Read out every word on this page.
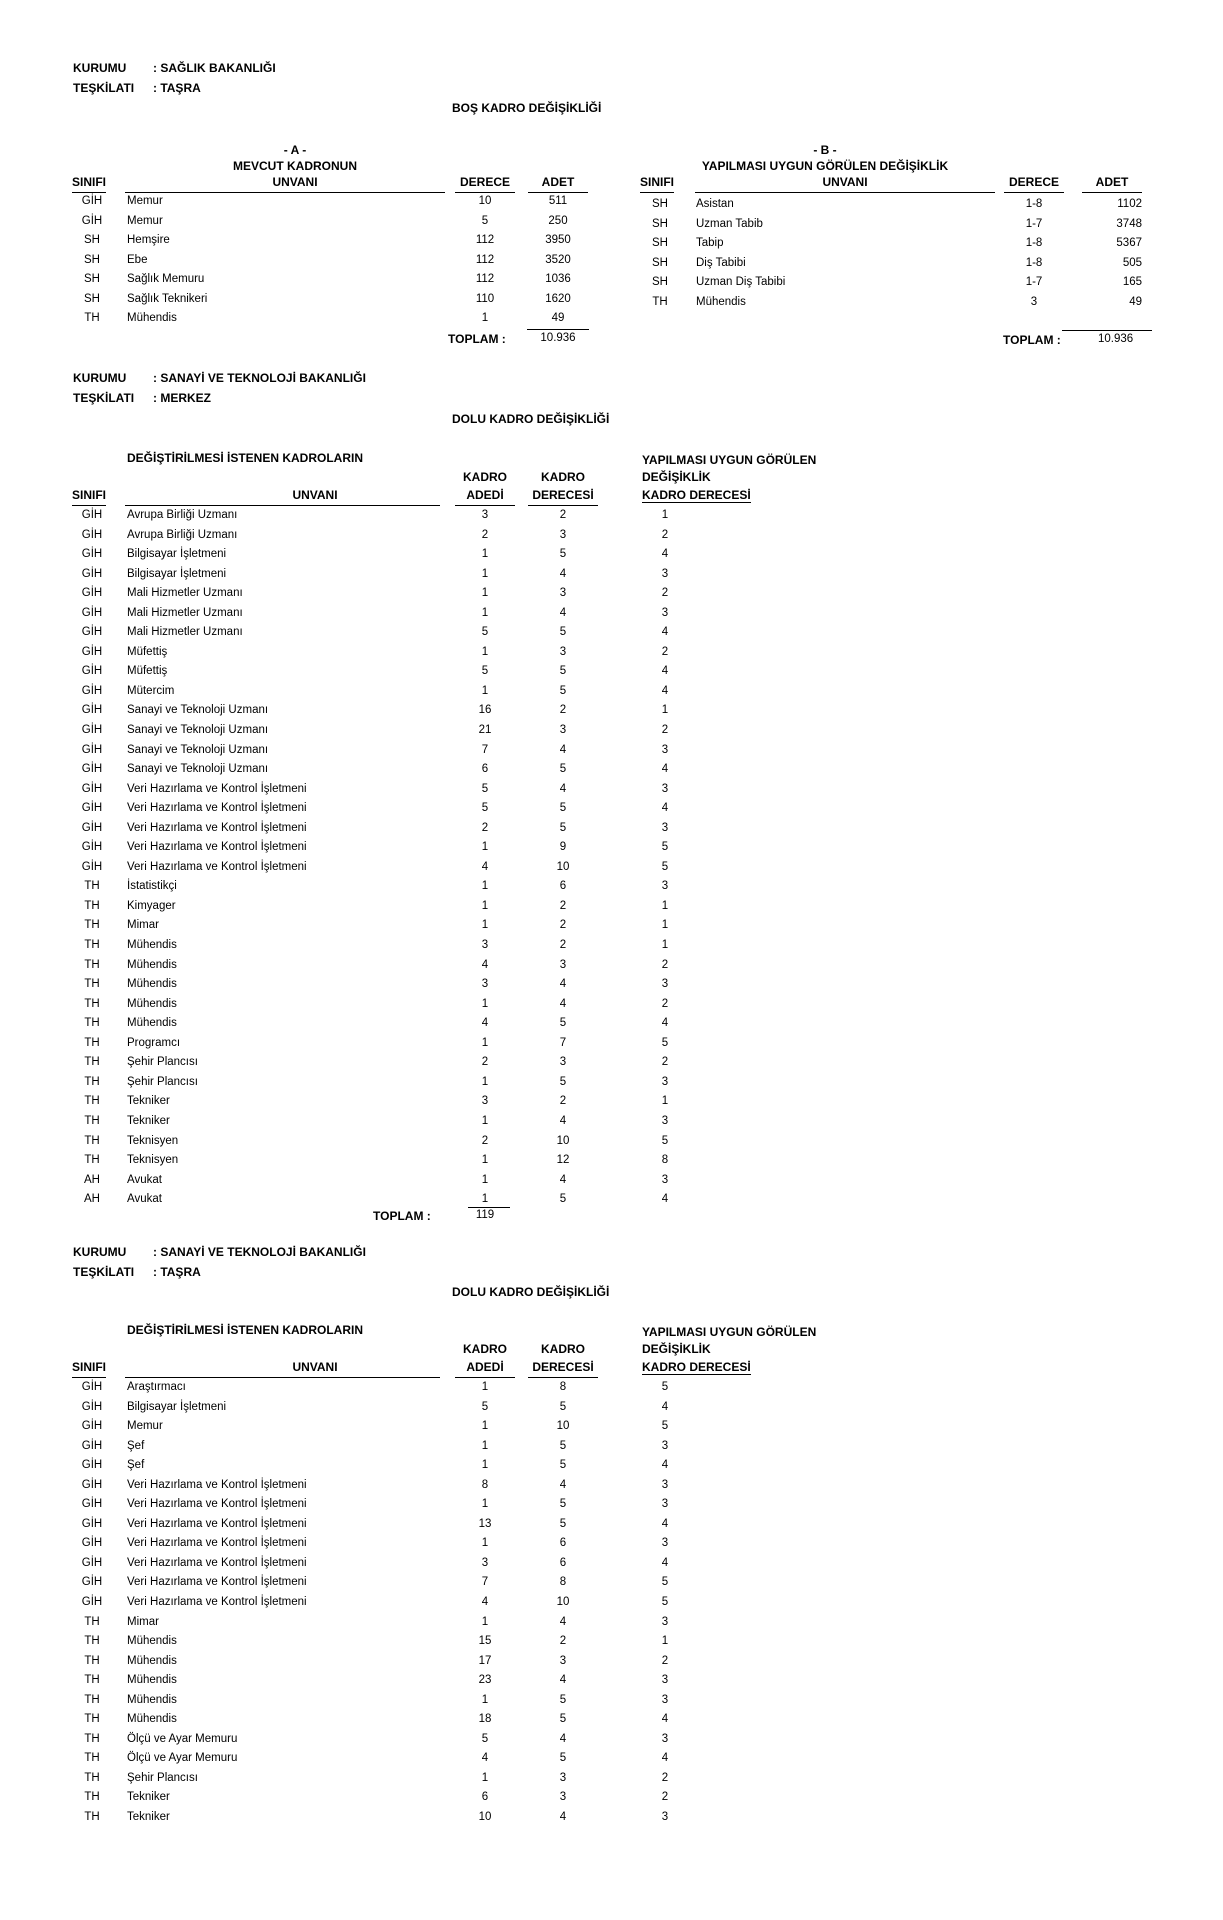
KURUMU : SAĞLIK BAKANLIĞI
TEŞKİLATI : TAŞRA
BOŞ KADRO DEĞİŞİKLİĞİ
- A -
MEVCUT KADRONUN
SINIFI	UNVANI	DERECE	ADET
GİH	Memur	10	511
GİH	Memur	5	250
SH	Hemşire	112	3950
SH	Ebe	112	3520
SH	Sağlık Memuru	112	1036
SH	Sağlık Teknikeri	110	1620
TH	Mühendis	1	49
TOPLAM :	10.936
- B -
YAPILMASI UYGUN GÖRÜLEN DEĞİŞİKLİK
SINIFI	UNVANI	DERECE	ADET
SH	Asistan	1-8	1102
SH	Uzman Tabib	1-7	3748
SH	Tabip	1-8	5367
SH	Diş Tabibi	1-8	505
SH	Uzman Diş Tabibi	1-7	165
TH	Mühendis	3	49
TOPLAM :	10.936
KURUMU : SANAYİ VE TEKNOLOJİ BAKANLIĞI
TEŞKİLATI : MERKEZ
DOLU KADRO DEĞİŞİKLİĞİ
DEĞİŞTİRİLMESİ İSTENEN KADROLARIN	YAPILMASI UYGUN GÖRÜLEN
DEĞİŞİKLİK
KADRO	KADRO
SINIFI	UNVANI	ADEDİ	DERECESİ	KADRO DERECESİ
GİH	Avrupa Birliği Uzmanı	3	2	1
GİH	Avrupa Birliği Uzmanı	2	3	2
GİH	Bilgisayar İşletmeni	1	5	4
GİH	Bilgisayar İşletmeni	1	4	3
GİH	Mali Hizmetler Uzmanı	1	3	2
GİH	Mali Hizmetler Uzmanı	1	4	3
GİH	Mali Hizmetler Uzmanı	5	5	4
GİH	Müfettiş	1	3	2
GİH	Müfettiş	5	5	4
GİH	Mütercim	1	5	4
GİH	Sanayi ve Teknoloji Uzmanı	16	2	1
GİH	Sanayi ve Teknoloji Uzmanı	21	3	2
GİH	Sanayi ve Teknoloji Uzmanı	7	4	3
GİH	Sanayi ve Teknoloji Uzmanı	6	5	4
GİH	Veri Hazırlama ve Kontrol İşletmeni	5	4	3
GİH	Veri Hazırlama ve Kontrol İşletmeni	5	5	4
GİH	Veri Hazırlama ve Kontrol İşletmeni	2	5	3
GİH	Veri Hazırlama ve Kontrol İşletmeni	1	9	5
GİH	Veri Hazırlama ve Kontrol İşletmeni	4	10	5
TH	İstatistikçi	1	6	3
TH	Kimyager	1	2	1
TH	Mimar	1	2	1
TH	Mühendis	3	2	1
TH	Mühendis	4	3	2
TH	Mühendis	3	4	3
TH	Mühendis	1	4	2
TH	Mühendis	4	5	4
TH	Programcı	1	7	5
TH	Şehir Plancısı	2	3	2
TH	Şehir Plancısı	1	5	3
TH	Tekniker	3	2	1
TH	Tekniker	1	4	3
TH	Teknisyen	2	10	5
TH	Teknisyen	1	12	8
AH	Avukat	1	4	3
AH	Avukat	1	5	4
TOPLAM :	119
KURUMU : SANAYİ VE TEKNOLOJİ BAKANLIĞI
TEŞKİLATI : TAŞRA
DOLU KADRO DEĞİŞİKLİĞİ
DEĞİŞTİRİLMESİ İSTENEN KADROLARIN	YAPILMASI UYGUN GÖRÜLEN
DEĞİŞİKLİK
KADRO	KADRO
SINIFI	UNVANI	ADEDİ	DERECESİ	KADRO DERECESİ
GİH	Araştırmacı	1	8	5
GİH	Bilgisayar İşletmeni	5	5	4
GİH	Memur	1	10	5
GİH	Şef	1	5	3
GİH	Şef	1	5	4
GİH	Veri Hazırlama ve Kontrol İşletmeni	8	4	3
GİH	Veri Hazırlama ve Kontrol İşletmeni	1	5	3
GİH	Veri Hazırlama ve Kontrol İşletmeni	13	5	4
GİH	Veri Hazırlama ve Kontrol İşletmeni	1	6	3
GİH	Veri Hazırlama ve Kontrol İşletmeni	3	6	4
GİH	Veri Hazırlama ve Kontrol İşletmeni	7	8	5
GİH	Veri Hazırlama ve Kontrol İşletmeni	4	10	5
TH	Mimar	1	4	3
TH	Mühendis	15	2	1
TH	Mühendis	17	3	2
TH	Mühendis	23	4	3
TH	Mühendis	1	5	3
TH	Mühendis	18	5	4
TH	Ölçü ve Ayar Memuru	5	4	3
TH	Ölçü ve Ayar Memuru	4	5	4
TH	Şehir Plancısı	1	3	2
TH	Tekniker	6	3	2
TH	Tekniker	10	4	3
